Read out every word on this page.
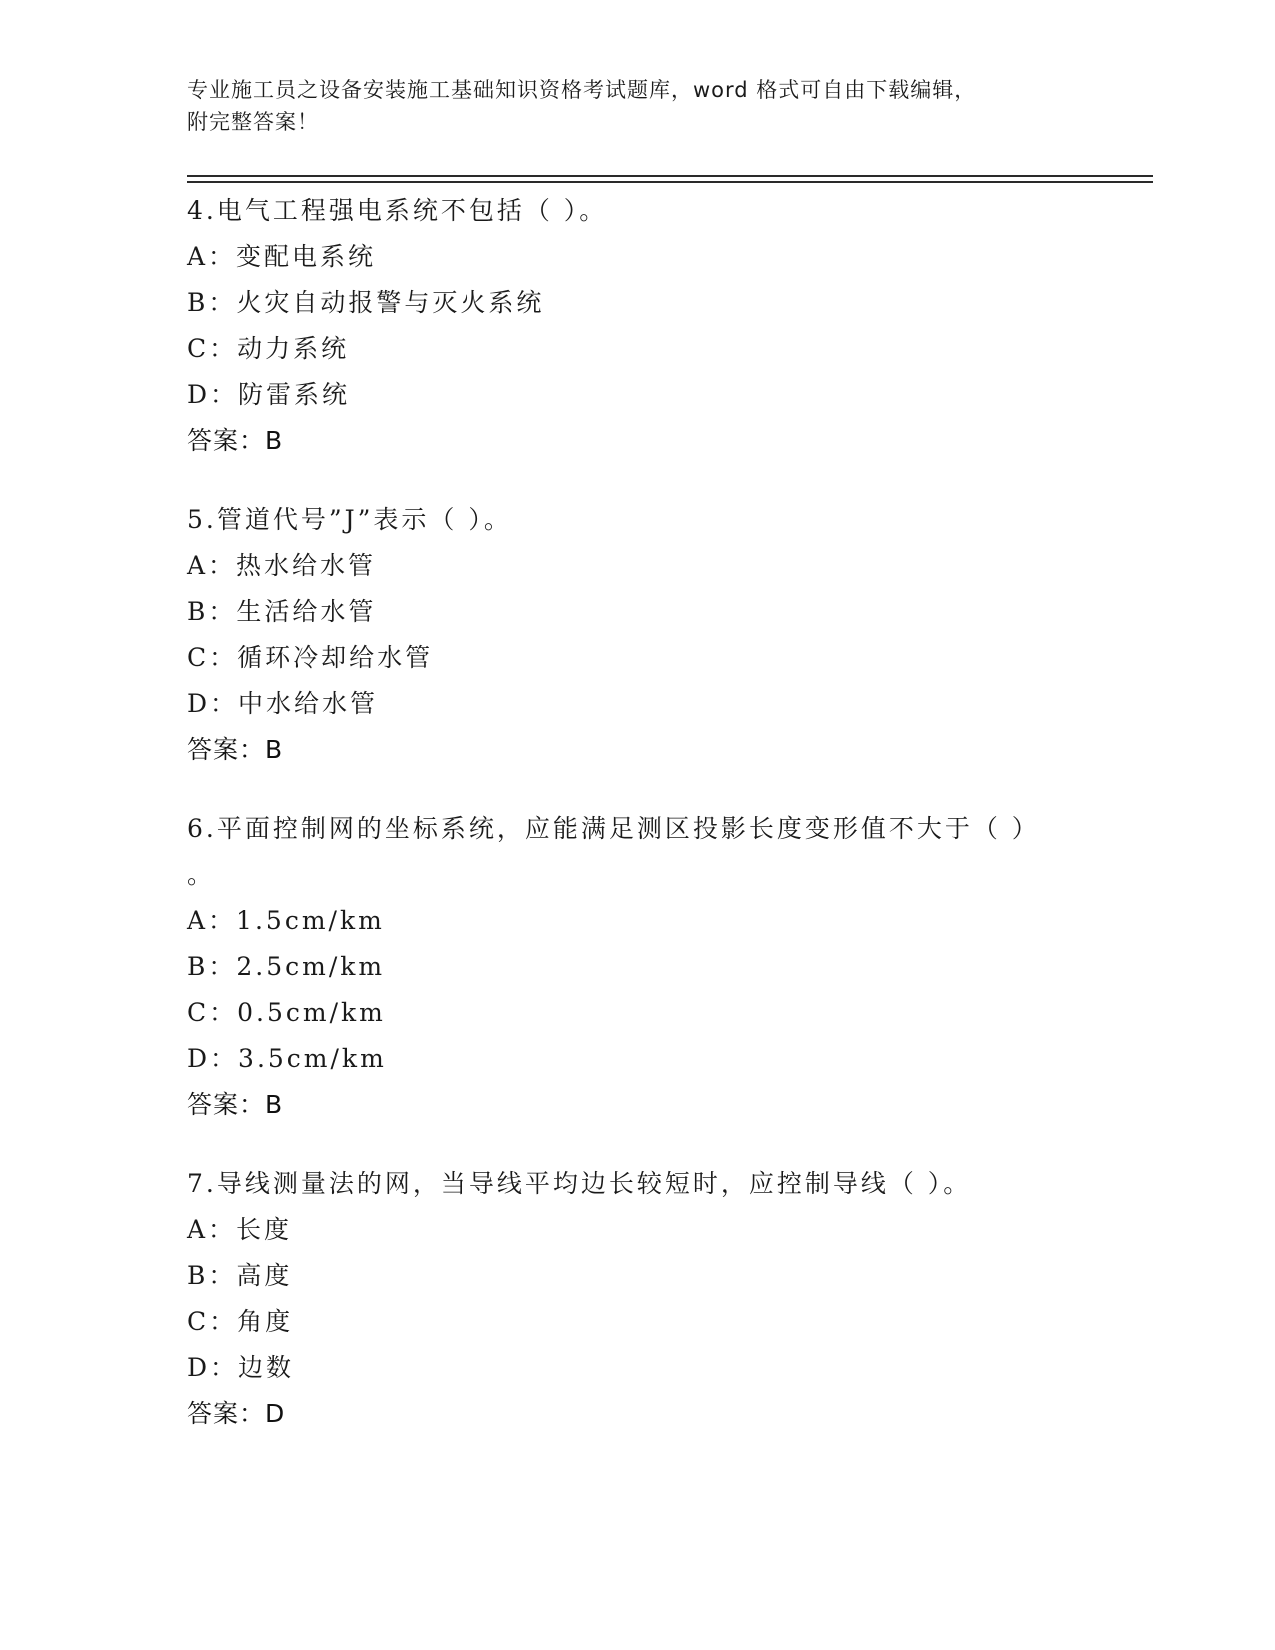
专业施工员之设备安装施工基础知识资格考试题库，word 格式可自由下载编辑，
附完整答案！
4.电气工程强电系统不包括（ ）。
A：变配电系统
B：火灾自动报警与灭火系统
C：动力系统
D：防雷系统
答案：B
5.管道代号”J”表示（ ）。
A：热水给水管
B：生活给水管
C：循环冷却给水管
D：中水给水管
答案：B
6.平面控制网的坐标系统，应能满足测区投影长度变形值不大于（ ）
。
A：1.5cm/km
B：2.5cm/km
C：0.5cm/km
D：3.5cm/km
答案：B
7.导线测量法的网，当导线平均边长较短时，应控制导线（ ）。
A：长度
B：高度
C：角度
D：边数
答案：D
